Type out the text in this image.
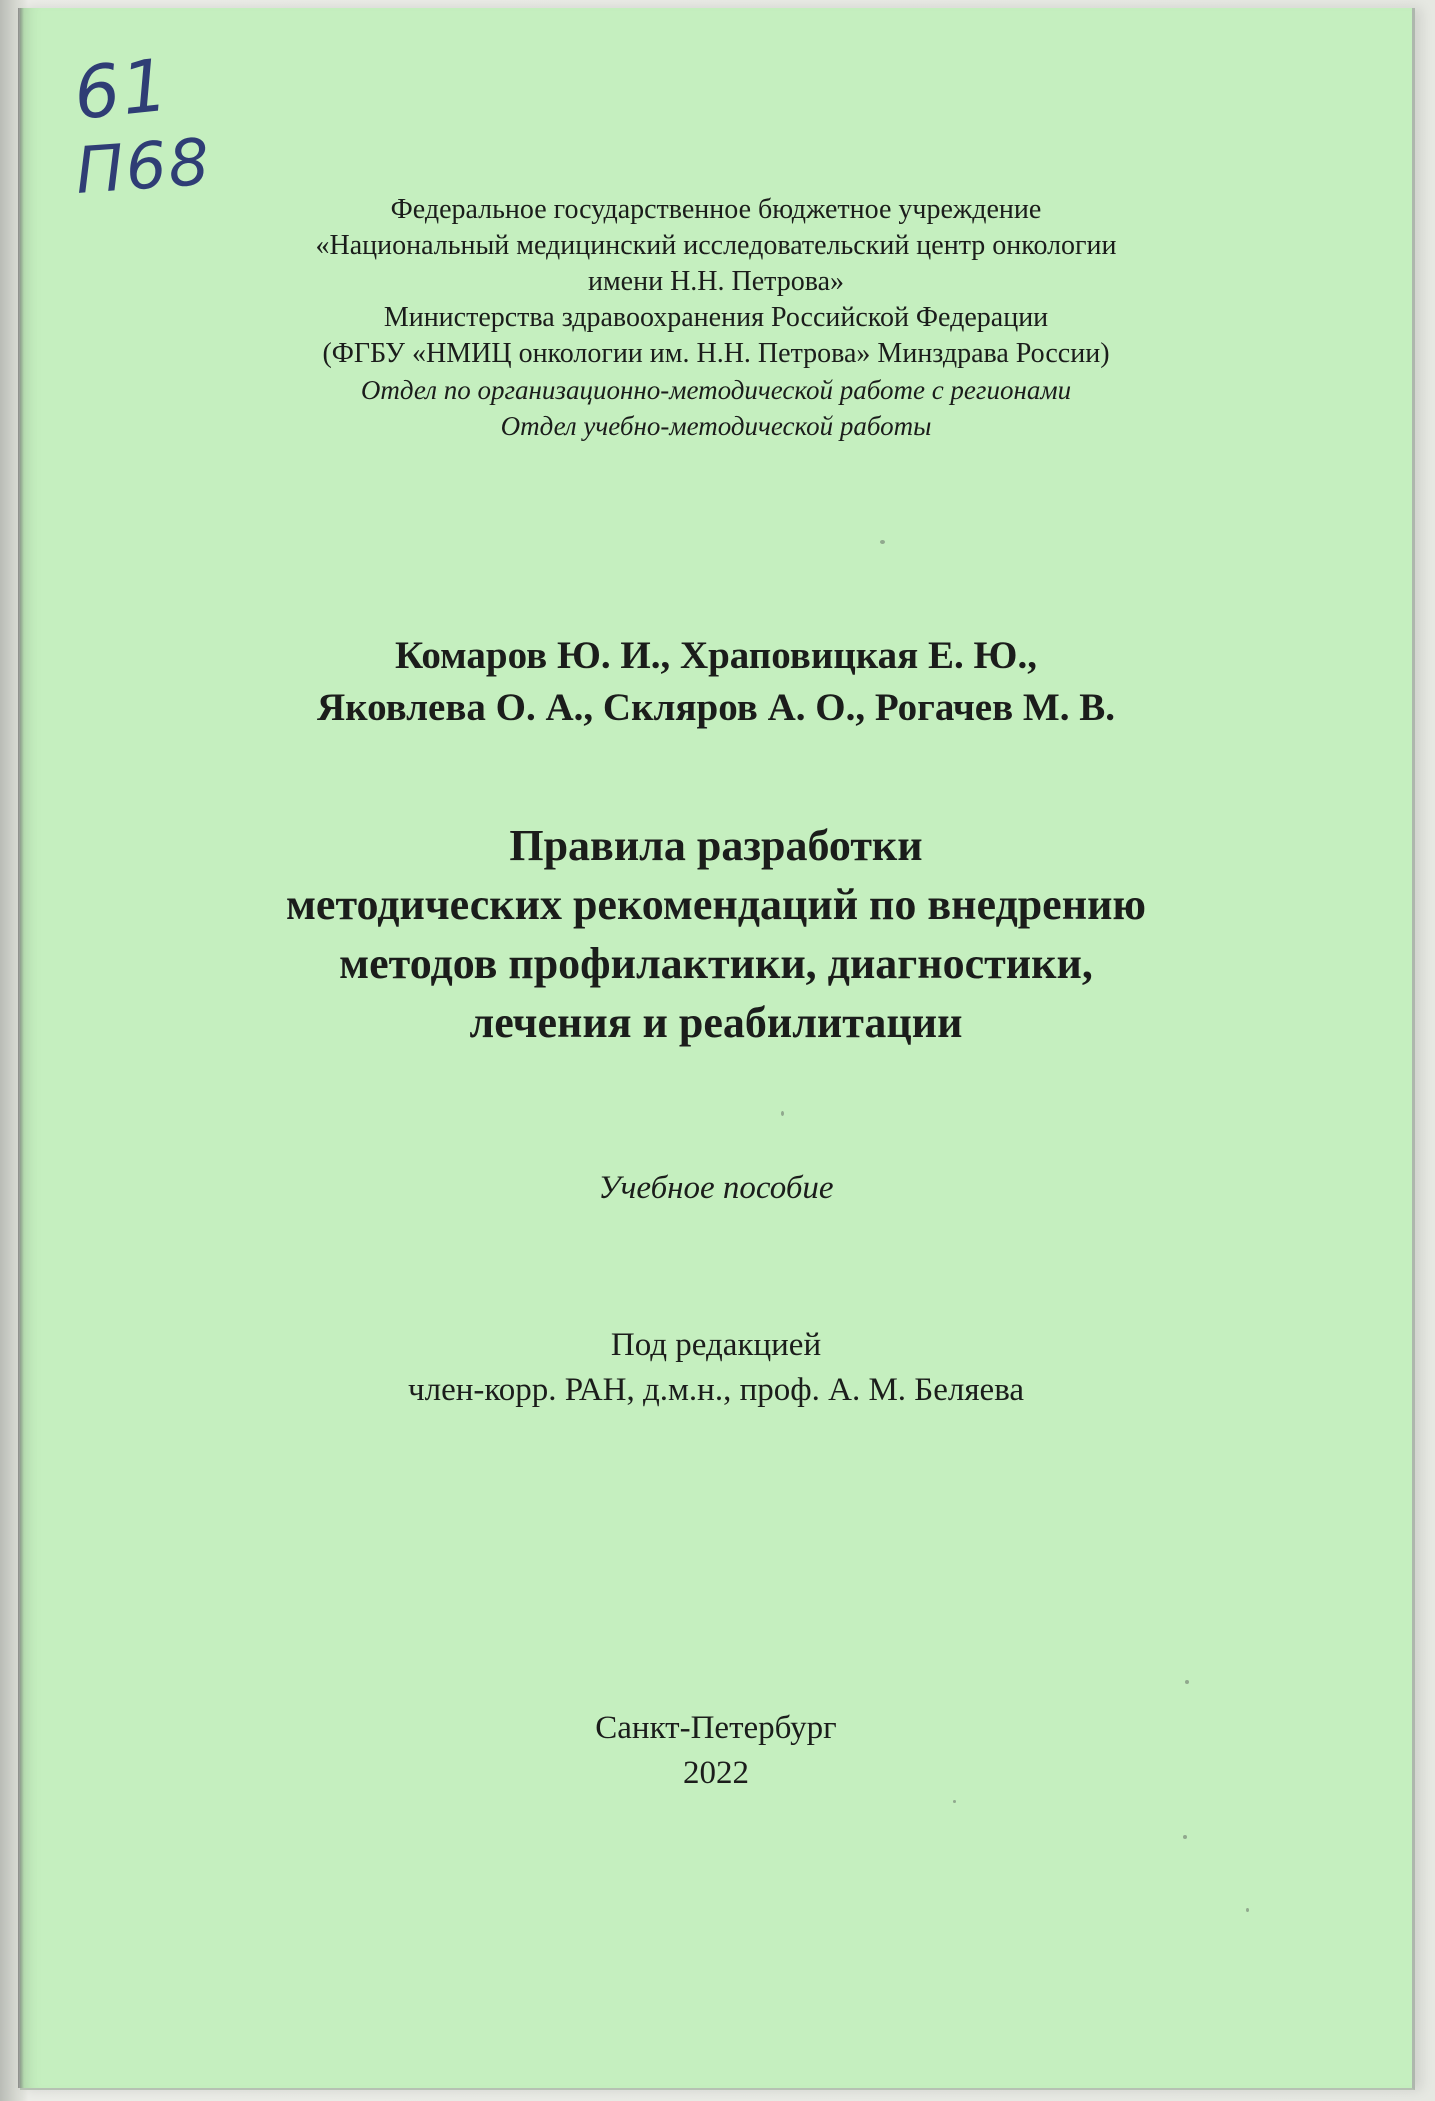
61
П68
Федеральное государственное бюджетное учреждение
«Национальный медицинский исследовательский центр онкологии
имени Н.Н. Петрова»
Министерства здравоохранения Российской Федерации
(ФГБУ «НМИЦ онкологии им. Н.Н. Петрова» Минздрава России)
Отдел по организационно-методической работе с регионами
Отдел учебно-методической работы
Комаров Ю. И., Храповицкая Е. Ю.,
Яковлева О. А., Скляров А. О., Рогачев М. В.
Правила разработки
методических рекомендаций по внедрению
методов профилактики, диагностики,
лечения и реабилитации
Учебное пособие
Под редакцией
член-корр. РАН, д.м.н., проф. А. М. Беляева
Санкт-Петербург
2022
